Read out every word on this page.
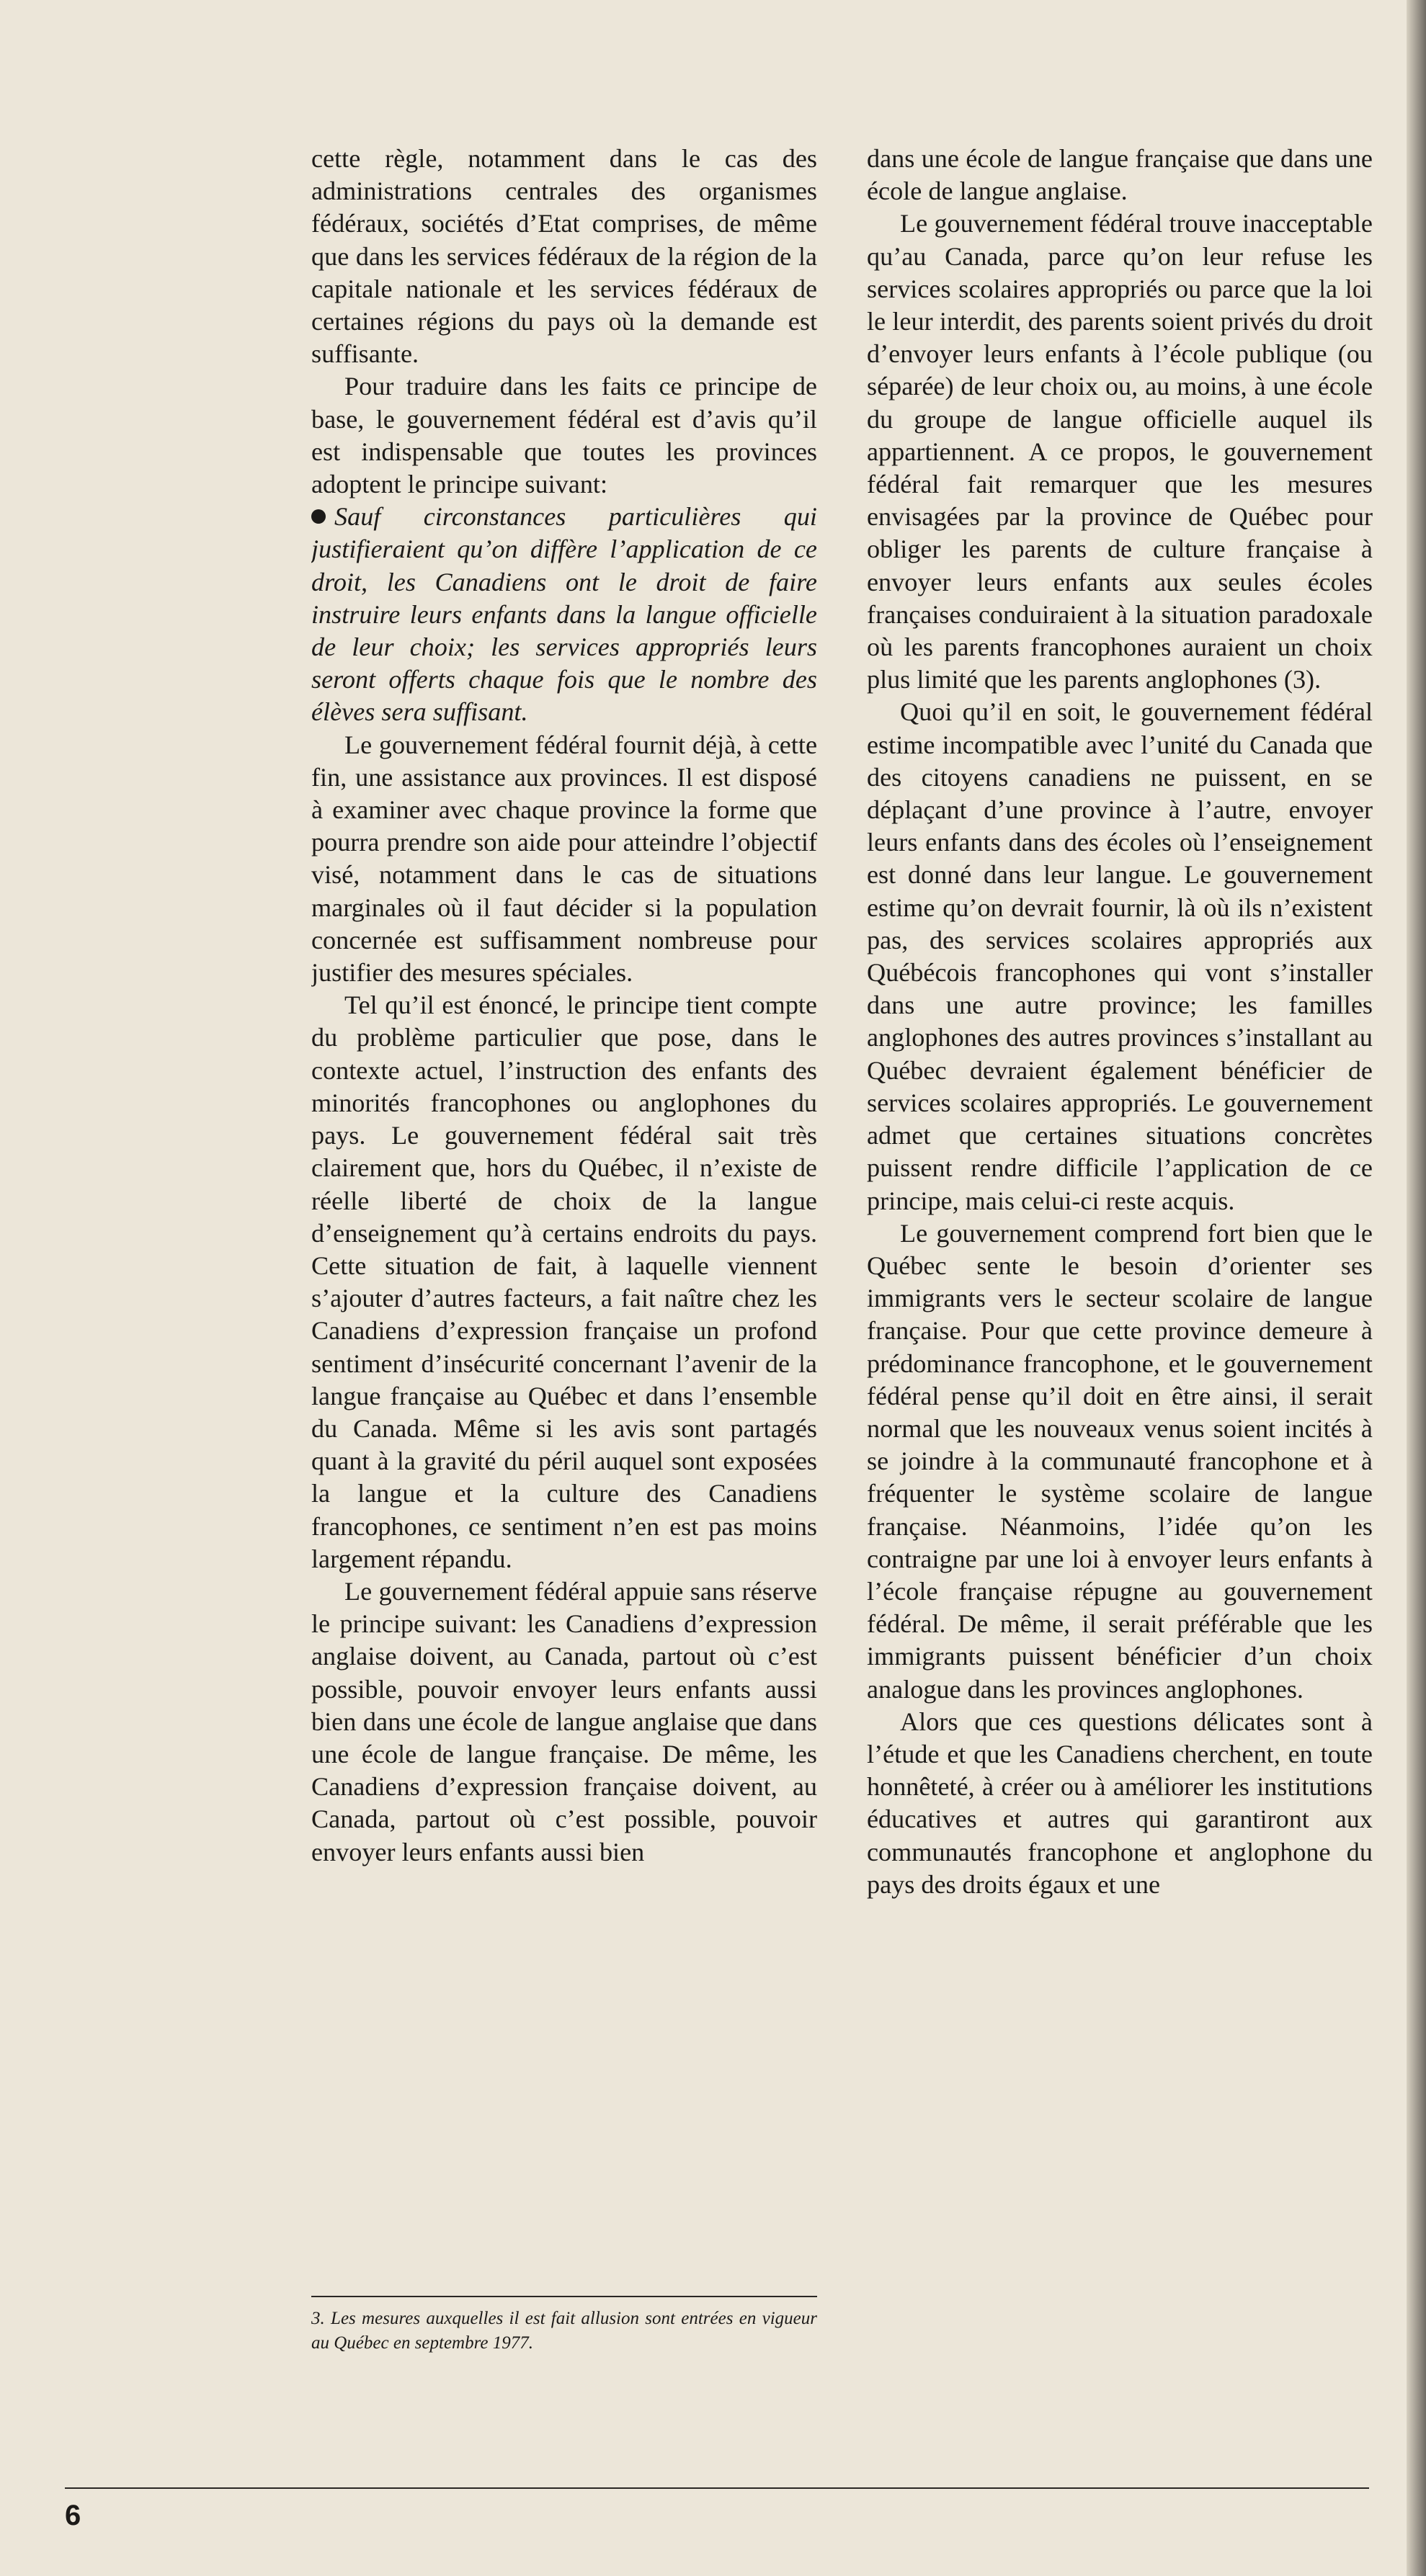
cette règle, notamment dans le cas des administrations centrales des organismes fédéraux, sociétés d’Etat comprises, de même que dans les services fédéraux de la région de la capitale nationale et les services fédéraux de certaines régions du pays où la demande est suffisante.

Pour traduire dans les faits ce principe de base, le gouvernement fédéral est d’avis qu’il est indispensable que toutes les provinces adoptent le principe suivant:

Sauf circonstances particulières qui justifieraient qu’on diffère l’application de ce droit, les Canadiens ont le droit de faire instruire leurs enfants dans la langue officielle de leur choix; les services appropriés leurs seront offerts chaque fois que le nombre des élèves sera suffisant.

Le gouvernement fédéral fournit déjà, à cette fin, une assistance aux provinces. Il est disposé à examiner avec chaque province la forme que pourra prendre son aide pour atteindre l’objectif visé, notamment dans le cas de situations marginales où il faut décider si la population concernée est suffisamment nombreuse pour justifier des mesures spéciales.

Tel qu’il est énoncé, le principe tient compte du problème particulier que pose, dans le contexte actuel, l’instruction des enfants des minorités francophones ou anglophones du pays. Le gouvernement fédéral sait très clairement que, hors du Québec, il n’existe de réelle liberté de choix de la langue d’enseignement qu’à certains endroits du pays. Cette situation de fait, à laquelle viennent s’ajouter d’autres facteurs, a fait naître chez les Canadiens d’expression française un profond sentiment d’insécurité concernant l’avenir de la langue française au Québec et dans l’ensemble du Canada. Même si les avis sont partagés quant à la gravité du péril auquel sont exposées la langue et la culture des Canadiens francophones, ce sentiment n’en est pas moins largement répandu.

Le gouvernement fédéral appuie sans réserve le principe suivant: les Canadiens d’expression anglaise doivent, au Canada, partout où c’est possible, pouvoir envoyer leurs enfants aussi bien dans une école de langue anglaise que dans une école de langue française. De même, les Canadiens d’expression française doivent, au Canada, partout où c’est possible, pouvoir envoyer leurs enfants aussi bien

dans une école de langue française que dans une école de langue anglaise.

Le gouvernement fédéral trouve inacceptable qu’au Canada, parce qu’on leur refuse les services scolaires appropriés ou parce que la loi le leur interdit, des parents soient privés du droit d’envoyer leurs enfants à l’école publique (ou séparée) de leur choix ou, au moins, à une école du groupe de langue officielle auquel ils appartiennent. A ce propos, le gouvernement fédéral fait remarquer que les mesures envisagées par la province de Québec pour obliger les parents de culture française à envoyer leurs enfants aux seules écoles françaises conduiraient à la situation paradoxale où les parents francophones auraient un choix plus limité que les parents anglophones (3).

Quoi qu’il en soit, le gouvernement fédéral estime incompatible avec l’unité du Canada que des citoyens canadiens ne puissent, en se déplaçant d’une province à l’autre, envoyer leurs enfants dans des écoles où l’enseignement est donné dans leur langue. Le gouvernement estime qu’on devrait fournir, là où ils n’existent pas, des services scolaires appropriés aux Québécois francophones qui vont s’installer dans une autre province; les familles anglophones des autres provinces s’installant au Québec devraient également bénéficier de services scolaires appropriés. Le gouvernement admet que certaines situations concrètes puissent rendre difficile l’application de ce principe, mais celui-ci reste acquis.

Le gouvernement comprend fort bien que le Québec sente le besoin d’orienter ses immigrants vers le secteur scolaire de langue française. Pour que cette province demeure à prédominance francophone, et le gouvernement fédéral pense qu’il doit en être ainsi, il serait normal que les nouveaux venus soient incités à se joindre à la communauté francophone et à fréquenter le système scolaire de langue française. Néanmoins, l’idée qu’on les contraigne par une loi à envoyer leurs enfants à l’école française répugne au gouvernement fédéral. De même, il serait préférable que les immigrants puissent bénéficier d’un choix analogue dans les provinces anglophones.

Alors que ces questions délicates sont à l’étude et que les Canadiens cherchent, en toute honnêteté, à créer ou à améliorer les institutions éducatives et autres qui garantiront aux communautés francophone et anglophone du pays des droits égaux et une

3. Les mesures auxquelles il est fait allusion sont entrées en vigueur au Québec en septembre 1977.
6
